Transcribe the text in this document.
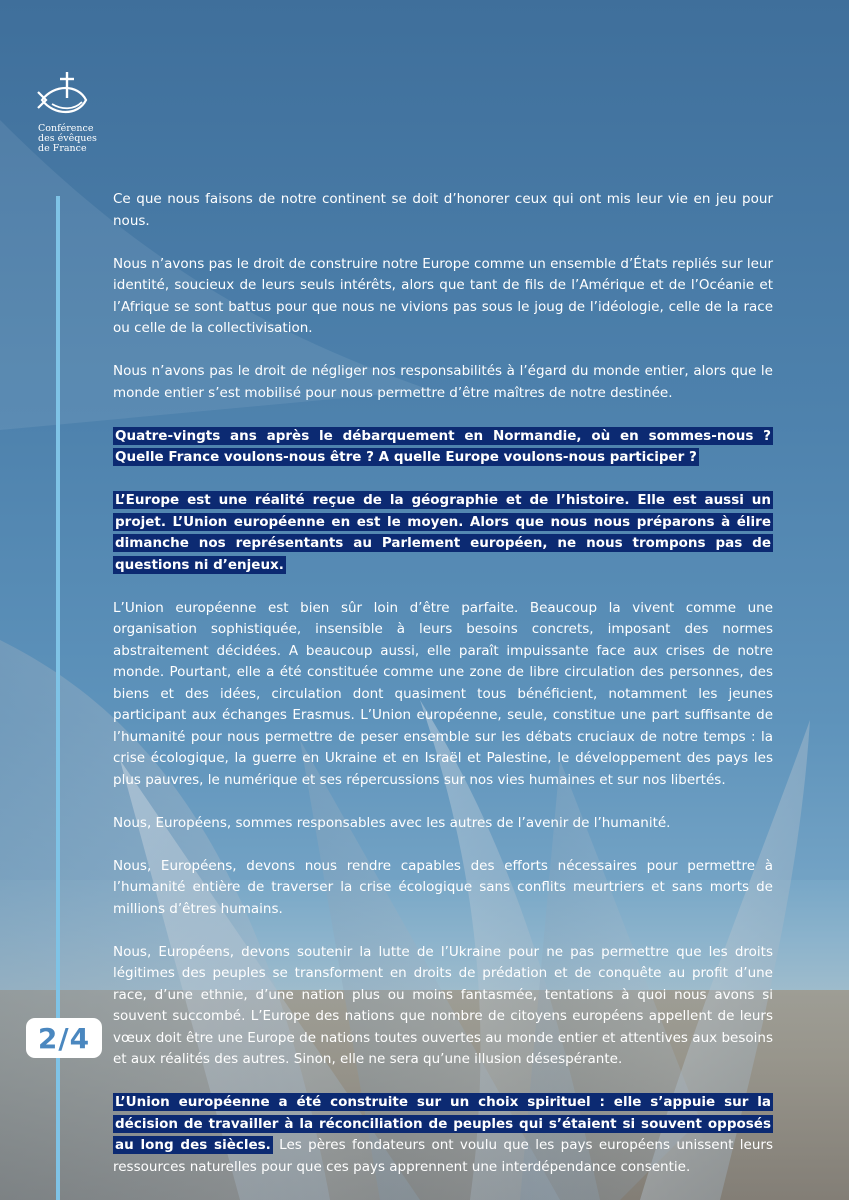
Conférence
des évêques
de France
2/4

Ce que nous faisons de notre continent se doit d’honorer ceux qui ont mis leur vie en jeu pour nous.

Nous n’avons pas le droit de construire notre Europe comme un ensemble d’États repliés sur leur identité, soucieux de leurs seuls intérêts, alors que tant de fils de l’Amérique et de l’Océanie et l’Afrique se sont battus pour que nous ne vivions pas sous le joug de l’idéologie, celle de la race ou celle de la collectivisation.

Nous n’avons pas le droit de négliger nos responsabilités à l’égard du monde entier, alors que le monde entier s’est mobilisé pour nous permettre d’être maîtres de notre destinée.

Quatre-vingts ans après le débarquement en Normandie, où en sommes-nous ? Quelle France voulons-nous être ? A quelle Europe voulons-nous participer ?

L’Europe est une réalité reçue de la géographie et de l’histoire. Elle est aussi un projet. L’Union européenne en est le moyen. Alors que nous nous préparons à élire dimanche nos représentants au Parlement européen, ne nous trompons pas de questions ni d’enjeux.

L’Union européenne est bien sûr loin d’être parfaite. Beaucoup la vivent comme une organisation sophistiquée, insensible à leurs besoins concrets, imposant des normes abstraitement décidées. A beaucoup aussi, elle paraît impuissante face aux crises de notre monde. Pourtant, elle a été constituée comme une zone de libre circulation des personnes, des biens et des idées, circulation dont quasiment tous bénéficient, notamment les jeunes participant aux échanges Erasmus. L’Union européenne, seule, constitue une part suffisante de l’humanité pour nous permettre de peser ensemble sur les débats cruciaux de notre temps : la crise écologique, la guerre en Ukraine et en Israël et Palestine, le développement des pays les plus pauvres, le numérique et ses répercussions sur nos vies humaines et sur nos libertés.

Nous, Européens, sommes responsables avec les autres de l’avenir de l’humanité.

Nous, Européens, devons nous rendre capables des efforts nécessaires pour permettre à l’humanité entière de traverser la crise écologique sans conflits meurtriers et sans morts de millions d’êtres humains.

Nous, Européens, devons soutenir la lutte de l’Ukraine pour ne pas permettre que les droits légitimes des peuples se transforment en droits de prédation et de conquête au profit d’une race, d’une ethnie, d’une nation plus ou moins fantasmée, tentations à quoi nous avons si souvent succombé. L’Europe des nations que nombre de citoyens européens appellent de leurs vœux doit être une Europe de nations toutes ouvertes au monde entier et attentives aux besoins et aux réalités des autres. Sinon, elle ne sera qu’une illusion désespérante.

L’Union européenne a été construite sur un choix spirituel : elle s’appuie sur la décision de travailler à la réconciliation de peuples qui s’étaient si souvent opposés au long des siècles. Les pères fondateurs ont voulu que les pays européens unissent leurs ressources naturelles pour que ces pays apprennent une interdépendance consentie.
